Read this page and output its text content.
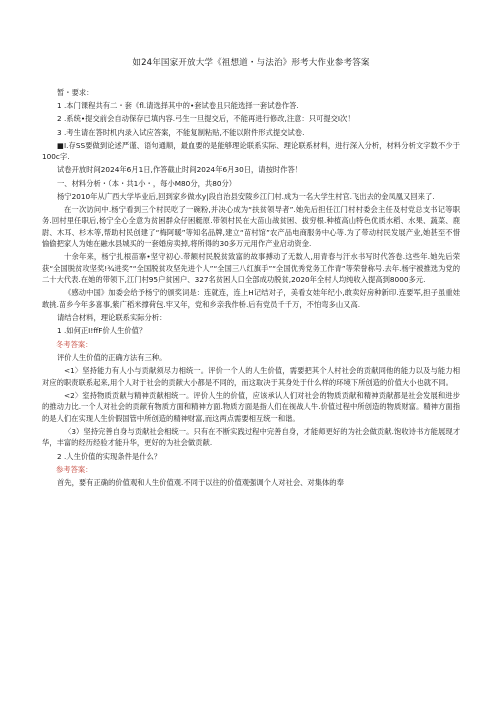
如24年国家开放大学《祖想道・与法治》形考大作业参考答案
暂・要求：
1 .本门课程共有二・套《fl.请选择其中的•套试卷且只能选择一套试卷作答.
2 .系统•提交前会自动保存已填内容.弓生一旦提交后，不能再进行修改,注意：只可提交I次！
3 .考生请在答时机内录入试应答案，不能复制粘贴,不能以附件形式提交试卷.
■I.存SS要做到论述严谨、语句通顺，最血要的是能够理论联系实际、理论联系材料，进行深入分析，材料分析文字数不少于100c字.
试卷开放时间2024年6月1日,作答截止时间2024年6月30日，请按时作答！
一、材料分析・（本・共1小・，每小M80分，共80分）
杨宁2010年从广西大学毕业后,回到家乡做水y|段自治县安陵乡江门村.成为一名大学生村官.飞出去的金凤凰又回来了.
在一次访问中.杨宁看到三个村民吃了一碗粉,并决心成为“扶贫领导者”.她先后担任江门村村委会主任及村党总支书记等职务.回村里任职后,杨宁全心全意为贫困群众仔困艇原.带领村民在大苗山战贫困、拔穷根.种植高山特色优质水稻、水果、蔬菜、鹿尉、木耳、杉木等,帮助村民创建了“梅阿暖”等知名品牌,建立“苗村馆”农产品电商服务中心等.为了带动村民发展产业,她甚至不惜愉偷把家人为她在融水县城买的一套婚房卖掉,将所得的30多万元用作产业启动资金.
十余年来，杨宁扎根苗寨•坚守初心.带额村民脱贫致富的故事搏动了无数人,用青春与汗水书写时代答卷.这些年.她先后荣获“全国脱贫攻坚奖!¾进奖”“全国脱贫攻坚先进个人”“全国三八红旗手”“全国优秀党务工作青”等荣誉称号.去年.杨宇被推选为党的二十大代表.在她的带领下,江门村95户贫困户、327名贫困人口全部成功脱贫,2020年全村人均纯收入提高到8000多元.
《感动中国》加委会给予杨宁的颁奖词是：连就连，连上H记结对子，美看女娃年纪小,敢卖好房种新印.连要军,担子虽重娃敢挑.苗乡今年多喜事,紫广稻米撑荷包.牢又年，党和乡亲我作桥.后有党员千千万，不怕弯多山又高.
请结合材料，理论联系实际分析：
1 .如何正I!ffF价人生价值？
冬考答案：
评价人生价值的正确方法有三种。
<1〉坚持能力有人小与贡献须尽力相统一。评价一个人的人生价值，需要把其个人村社会的贡献同他的能力以及与能力相对应的职责联系起来,用个人对于社会的贡献大小都是不同的，而这取决于其身处于什么样的环境下所创造的价值大小也就不同。
<2〉室持物质贡献与精神贡献相统一。评价人生的价值，应该承认人们对社会的物质贡献和精神贡献都是社会发展和进步的推动力比.一个人对社会的贡献有物质方面和精神方面.物质方面是指人们在视战人牛.价值过程中所创造的物质财富。精神方面指的是人们在实现人生价假国管中所创造的精神财富,而这两点需要相互统一和谐。
〈3）坚持完善自身与贡献社会相统一。只有在不断实践过程中完善自身，才能师更好的为社会做贡献.饱收诗书方能展现才华，丰富的经历经验才能升华，更好的为社会做贡献.
2 .人生价值的实现条件是什么？
参考答案：
首先，要有正确的价值观和人生价值观.不同于以往的价值观强调个人对社会、对集体的奉
